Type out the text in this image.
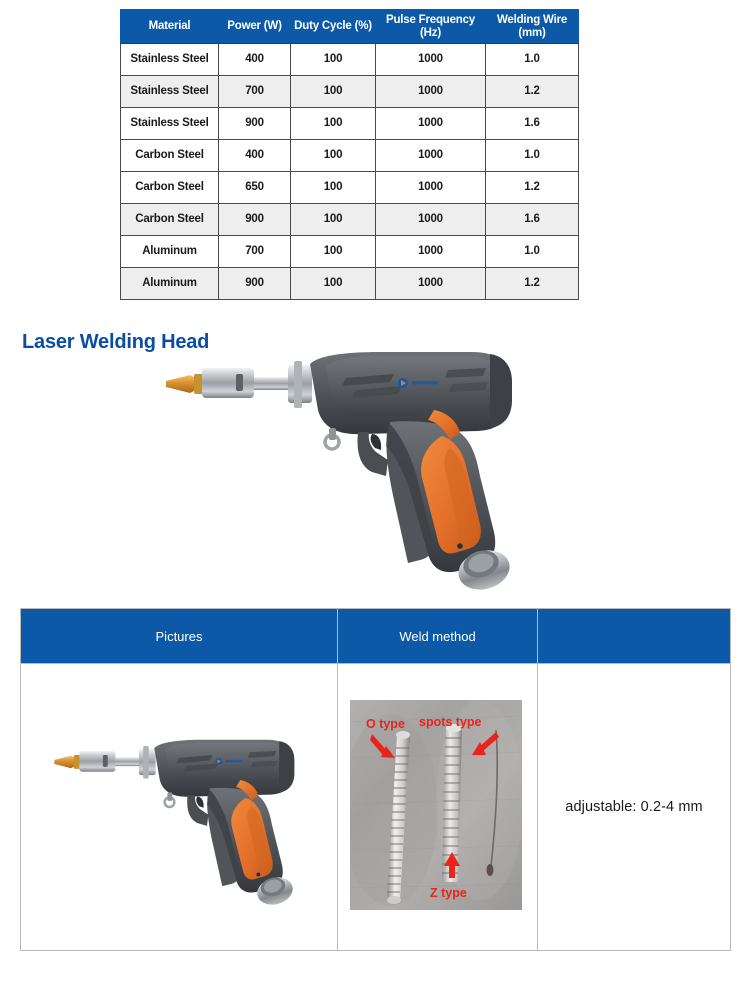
Material	Power (W)	Duty Cycle (%)	Pulse Frequency (Hz)	Welding Wire (mm)
Stainless Steel	400	100	1000	1.0
Stainless Steel	700	100	1000	1.2
Stainless Steel	900	100	1000	1.6
Carbon Steel	400	100	1000	1.0
Carbon Steel	650	100	1000	1.2
Carbon Steel	900	100	1000	1.6
Aluminum	700	100	1000	1.0
Aluminum	900	100	1000	1.2
Laser Welding Head
Pictures	Weld method	
		adjustable: 0.2-4 mm
O type spots type
Z type
